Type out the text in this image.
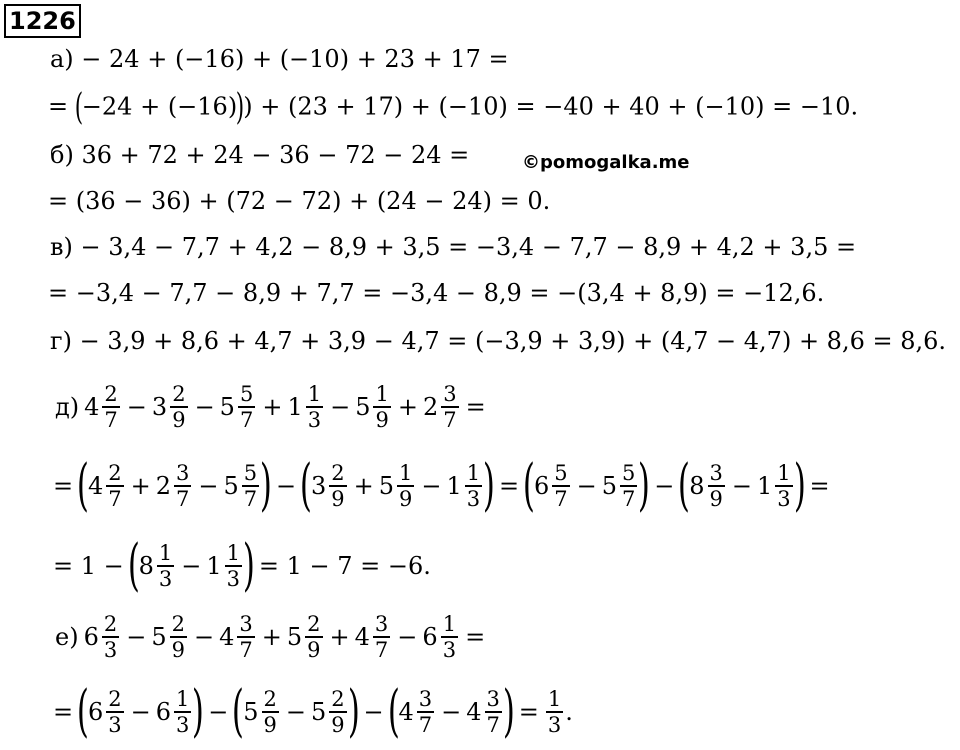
1226
а) − 24 + (−16) + (−10) + 23 + 17 =
= (−24 + (−16))) + (23 + 17) + (−10) = −40 + 40 + (−10) = −10.
б) 36 + 72 + 24 − 36 − 72 − 24 =	©pomogalka.me
= (36 − 36) + (72 − 72) + (24 − 24) = 0.
в) − 3,4 − 7,7 + 4,2 − 8,9 + 3,5 = −3,4 − 7,7 − 8,9 + 4,2 + 3,5 =
= −3,4 − 7,7 − 8,9 + 7,7 = −3,4 − 8,9 = −(3,4 + 8,9) = −12,6.
г) − 3,9 + 8,6 + 4,7 + 3,9 − 4,7 = (−3,9 + 3,9) + (4,7 − 4,7) + 8,6 = 8,6.
д) $4 \frac{2}{7} - 3 \frac{2}{9} - 5 \frac{5}{7} + 1 \frac{1}{3} - 5 \frac{1}{9} + 2 \frac{3}{7}$ =
= (
$4 \frac{2}{7} + 2 \frac{3}{7} - 5 \frac{5}{7}$ ) − (
$3 \frac{2}{9} + 5 \frac{1}{9} - 1 \frac{1}{3}$ ) = (
$6 \frac{5}{7} - 5 \frac{5}{7}$ ) − (
$8 \frac{3}{9} - 1 \frac{1}{3}$ ) =
= 1 − (
$8 \frac{1}{3} - 1 \frac{1}{3}$ ) = 1 − 7 = −6.
е) $6 \frac{2}{3} - 5 \frac{2}{9} - 4 \frac{3}{7} + 5 \frac{2}{9} + 4 \frac{3}{7} - 6 \frac{1}{3}$ =
= (
$6 \frac{2}{3} - 6 \frac{1}{3}$ ) − (
$5 \frac{2}{9} - 5 \frac{2}{9}$ ) − (
$4 \frac{3}{7} - 4 \frac{3}{7}$ ) = $\frac{1}{3}$ .
